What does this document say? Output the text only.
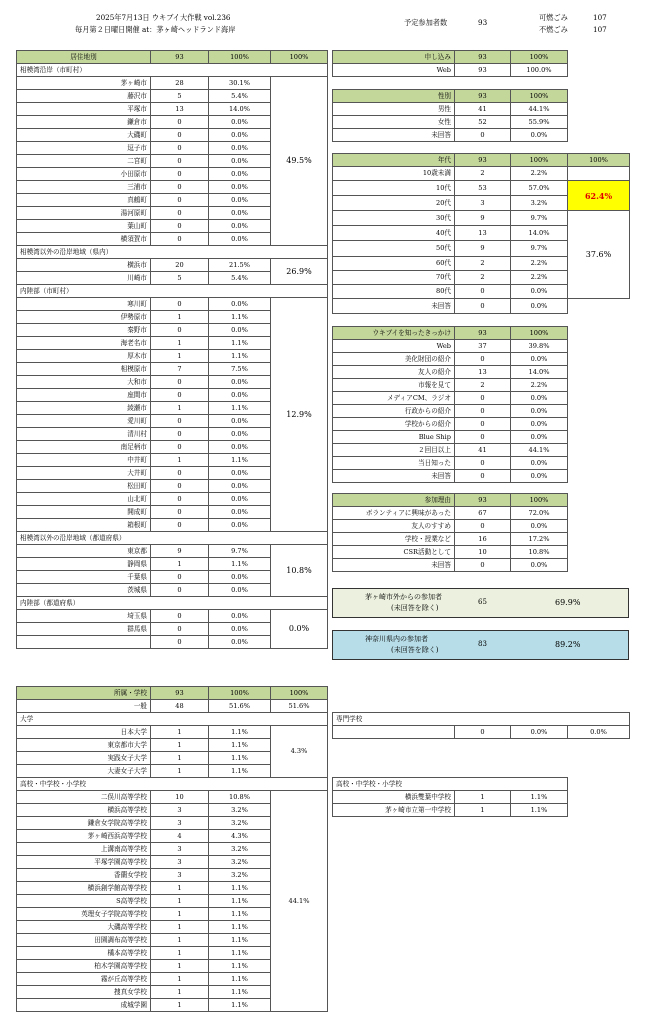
2025年7月13日 ウキブイ大作戦 vol.236
毎月第２日曜日開催 at：茅ヶ崎ヘッドランド海岸
予定参加者数	93
可燃ごみ	107
不燃ごみ	107
居住地別	93	100%	100%
相模湾沿岸（市町村）			
茅ヶ崎市	28	30.1%	49.5%
藤沢市	5	5.4%	
平塚市	13	14.0%	
鎌倉市	0	0.0%	
大磯町	0	0.0%	
逗子市	0	0.0%	
二宮町	0	0.0%	
小田原市	0	0.0%	
三浦市	0	0.0%	
真鶴町	0	0.0%	
湯河原町	0	0.0%	
葉山町	0	0.0%	
横須賀市	0	0.0%	
相模湾以外の沿岸地域（県内）			
横浜市	20	21.5%	26.9%
川崎市	5	5.4%	
内陸部（市町村）			
寒川町	0	0.0%	12.9%
伊勢原市	1	1.1%	
秦野市	0	0.0%	
海老名市	1	1.1%	
厚木市	1	1.1%	
相模原市	7	7.5%	
大和市	0	0.0%	
座間市	0	0.0%	
綾瀬市	1	1.1%	
愛川町	0	0.0%	
清川村	0	0.0%	
南足柄市	0	0.0%	
中井町	1	1.1%	
大井町	0	0.0%	
松田町	0	0.0%	
山北町	0	0.0%	
開成町	0	0.0%	
箱根町	0	0.0%	
相模湾以外の沿岸地域（都道府県）			
東京都	9	9.7%	10.8%
静岡県	1	1.1%	
千葉県	0	0.0%	
茨城県	0	0.0%	
内陸部（都道府県）			
埼玉県	0	0.0%	0.0%
群馬県	0	0.0%	
	0	0.0%	
申し込み	93	100%
Web	93	100.0%
性別	93	100%
男性	41	44.1%
女性	52	55.9%
未回答	0	0.0%
年代	93	100%	100%
10歳未満	2	2.2%	
10代	53	57.0%	62.4%
20代	3	3.2%	
30代	9	9.7%	37.6%
40代	13	14.0%	
50代	9	9.7%	
60代	2	2.2%	
70代	2	2.2%	
80代	0	0.0%	
未回答	0	0.0%	
ウキブイを知ったきっかけ	93	100%
Web	37	39.8%
美化財団の紹介	0	0.0%
友人の紹介	13	14.0%
市報を見て	2	2.2%
メディアCM、ラジオ	0	0.0%
行政からの紹介	0	0.0%
学校からの紹介	0	0.0%
Blue Ship	0	0.0%
２回目以上	41	44.1%
当日知った	0	0.0%
未回答	0	0.0%
参加理由	93	100%
ボランティアに興味があった	67	72.0%
友人のすすめ	0	0.0%
学校・授業など	16	17.2%
CSR活動として	10	10.8%
未回答	0	0.0%
茅ヶ崎市外からの参加者
(未回答を除く)
65	69.9%
神奈川県内の参加者
(未回答を除く)
83	89.2%
所属・学校	93	100%	100%
一般	48	51.6%	51.6%
大学			
日本大学	1	1.1%	4.3%
東京都市大学	1	1.1%	
実践女子大学	1	1.1%	
大妻女子大学	1	1.1%	
高校・中学校・小学校			
二俣川高等学校	10	10.8%	44.1%
横浜高等学校	3	3.2%	
鎌倉女学院高等学校	3	3.2%	
茅ヶ崎西浜高等学校	4	4.3%	
上溝南高等学校	3	3.2%	
平塚学園高等学校	3	3.2%	
香蘭女学校	3	3.2%	
横浜創学館高等学校	1	1.1%	
S高等学校	1	1.1%	
英理女子学院高等学校	1	1.1%	
大磯高等学校	1	1.1%	
田園調布高等学校	1	1.1%	
橘本高等学校	1	1.1%	
柏木学園高等学校	1	1.1%	
霧が丘高等学校	1	1.1%	
捜真女学校	1	1.1%	
成城学園	1	1.1%	
専門学校
	0	0.0%	0.0%
高校・中学校・小学校		
横浜雙葉中学校	1	1.1%
茅ヶ崎市立第一中学校	1	1.1%
